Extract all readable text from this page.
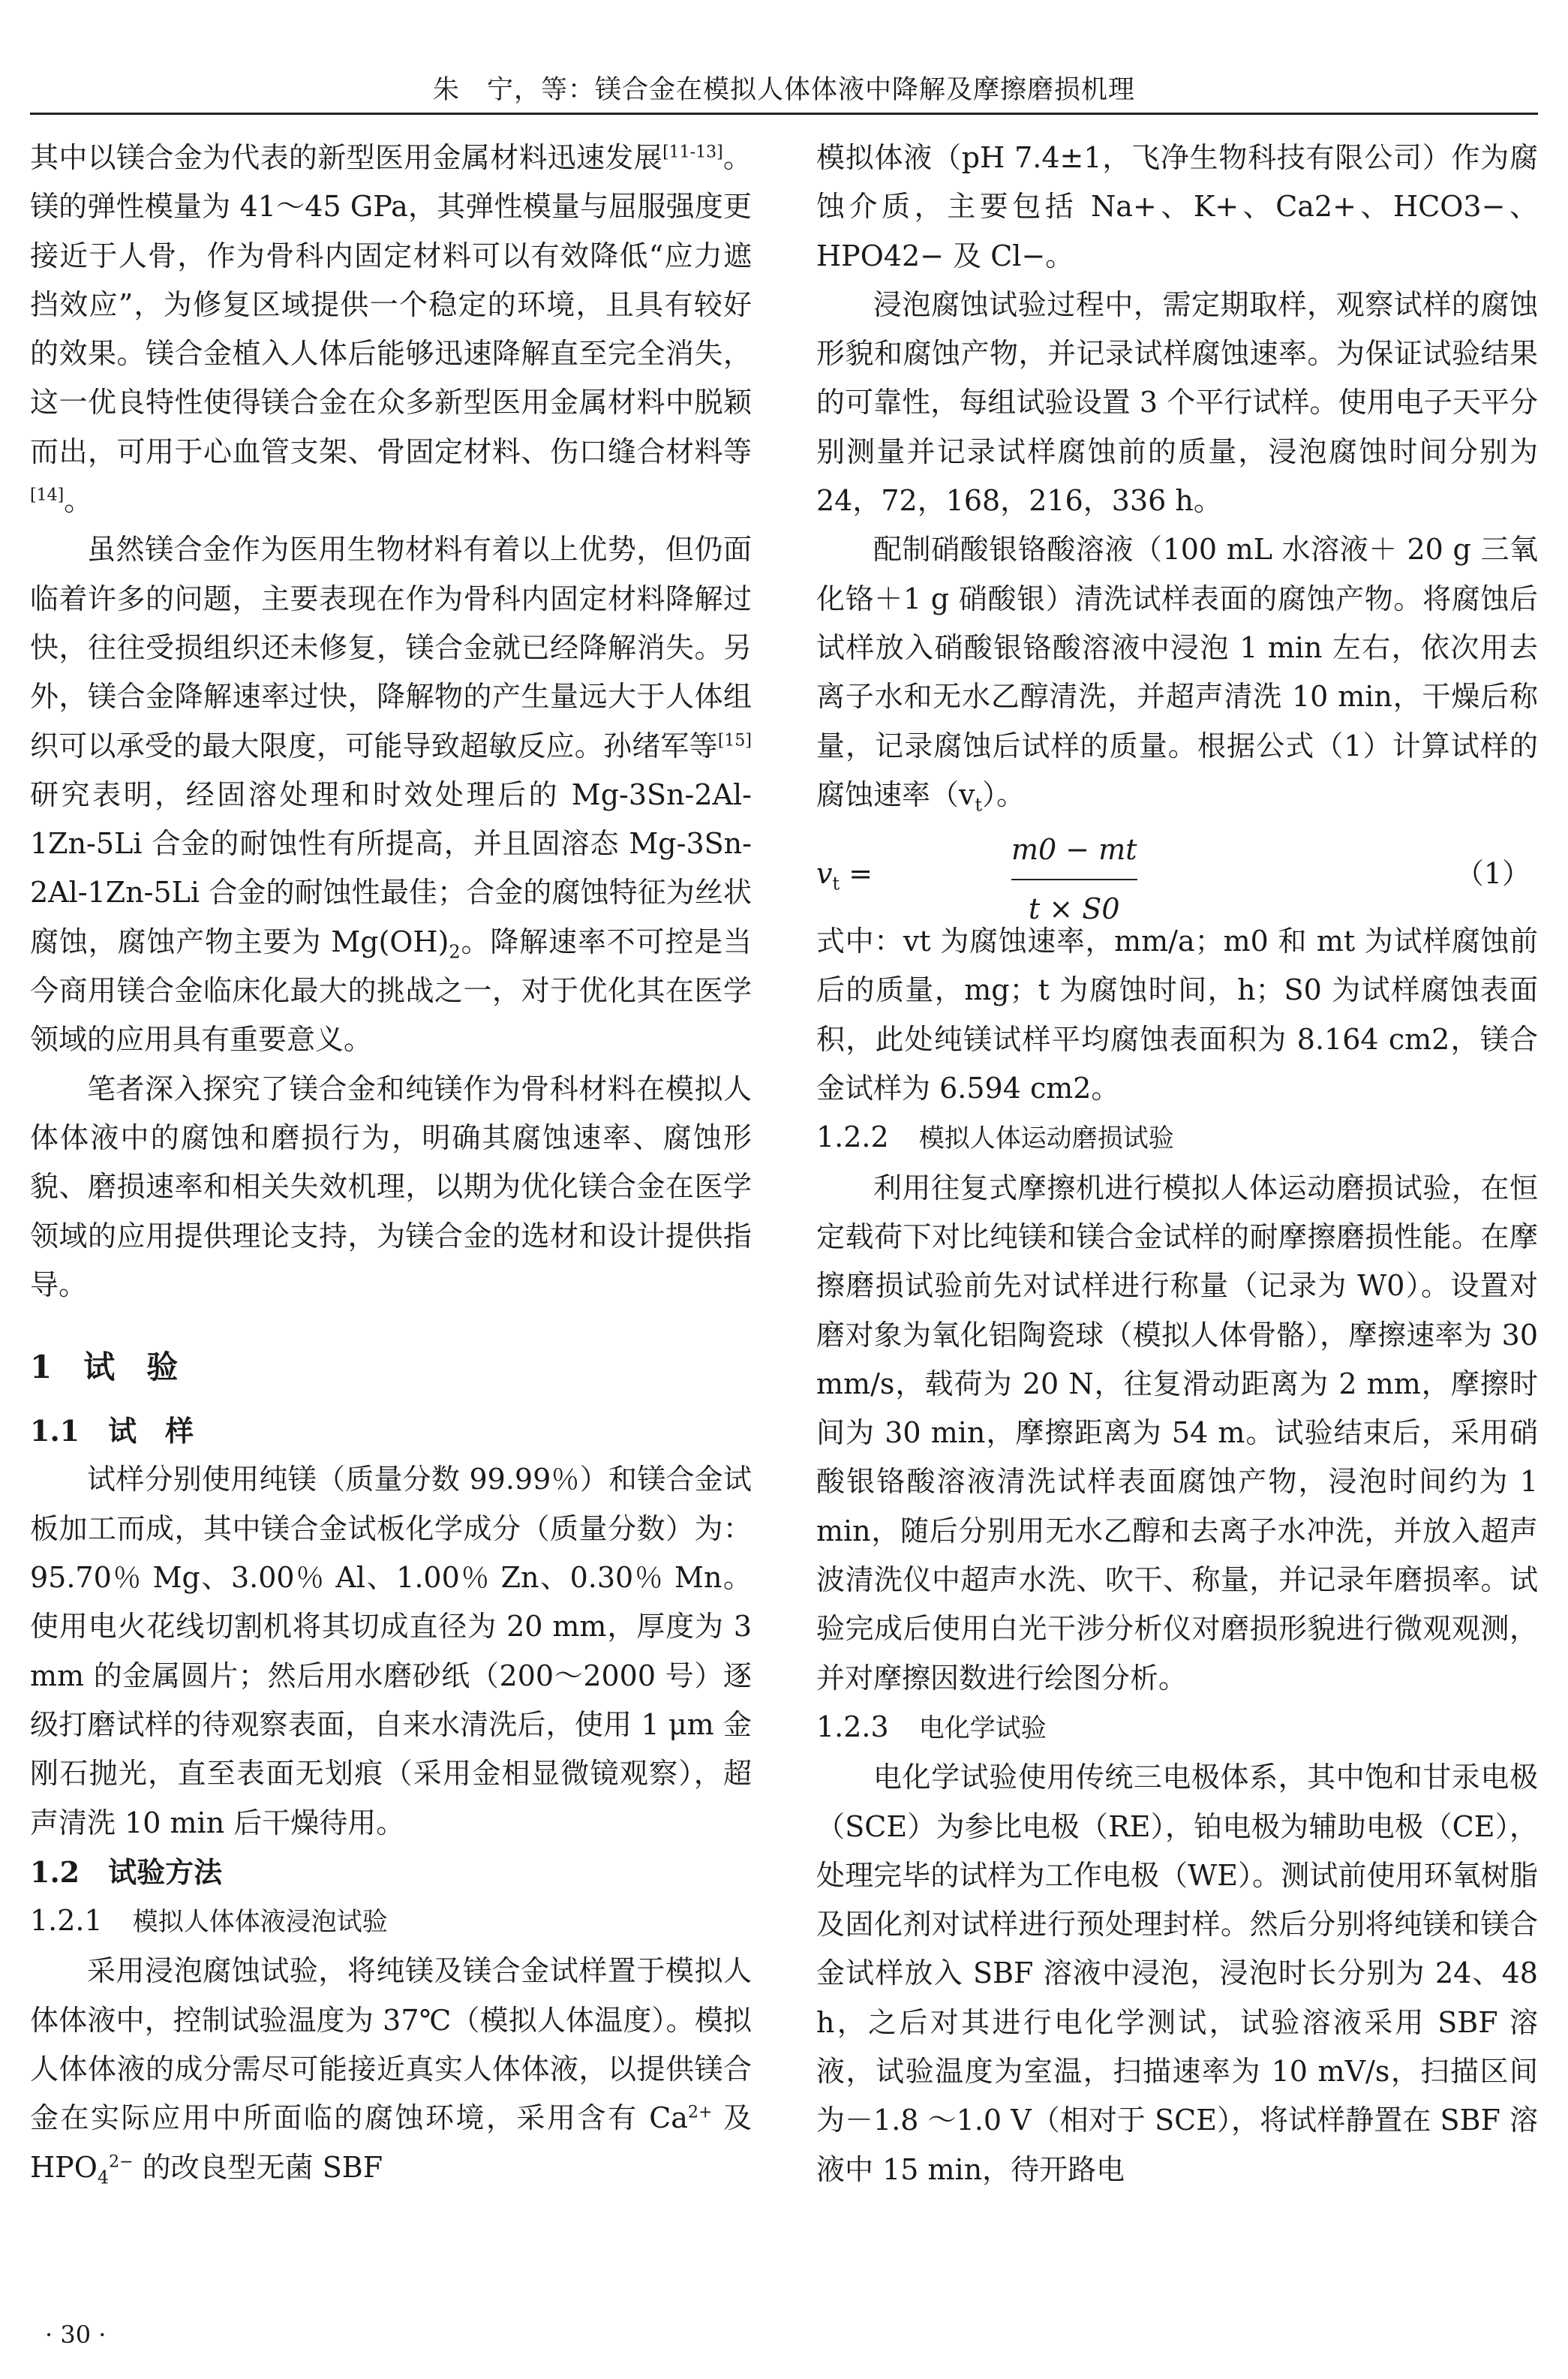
朱　宁，等：镁合金在模拟人体体液中降解及摩擦磨损机理

其中以镁合金为代表的新型医用金属材料迅速发展[11-13]。镁的弹性模量为 41～45 GPa，其弹性模量与屈服强度更接近于人骨，作为骨科内固定材料可以有效降低“应力遮挡效应”，为修复区域提供一个稳定的环境，且具有较好的效果。镁合金植入人体后能够迅速降解直至完全消失，这一优良特性使得镁合金在众多新型医用金属材料中脱颖而出，可用于心血管支架、骨固定材料、伤口缝合材料等[14]。

虽然镁合金作为医用生物材料有着以上优势，但仍面临着许多的问题，主要表现在作为骨科内固定材料降解过快，往往受损组织还未修复，镁合金就已经降解消失。另外，镁合金降解速率过快，降解物的产生量远大于人体组织可以承受的最大限度，可能导致超敏反应。孙绪军等[15]研究表明，经固溶处理和时效处理后的 Mg-3Sn-2Al-1Zn-5Li 合金的耐蚀性有所提高，并且固溶态 Mg-3Sn-2Al-1Zn-5Li 合金的耐蚀性最佳；合金的腐蚀特征为丝状腐蚀，腐蚀产物主要为 $Mg(OH)_2$。降解速率不可控是当今商用镁合金临床化最大的挑战之一，对于优化其在医学领域的应用具有重要意义。

笔者深入探究了镁合金和纯镁作为骨科材料在模拟人体体液中的腐蚀和磨损行为，明确其腐蚀速率、腐蚀形貌、磨损速率和相关失效机理，以期为优化镁合金在医学领域的应用提供理论支持，为镁合金的选材和设计提供指导。

1　试　验
1.1　试　样

试样分别使用纯镁（质量分数 99.99％）和镁合金试板加工而成，其中镁合金试板化学成分（质量分数）为：95.70％ Mg、3.00％ Al、1.00％ Zn、0.30％ Mn。使用电火花线切割机将其切成直径为 20 mm，厚度为 3 mm 的金属圆片；然后用水磨砂纸（200～2000 号）逐级打磨试样的待观察表面，自来水清洗后，使用 1 μm 金刚石抛光，直至表面无划痕（采用金相显微镜观察），超声清洗 10 min 后干燥待用。

1.2　试验方法
1.2.1 模拟人体体液浸泡试验

采用浸泡腐蚀试验，将纯镁及镁合金试样置于模拟人体体液中，控制试验温度为 37℃（模拟人体温度）。模拟人体体液的成分需尽可能接近真实人体体液，以提供镁合金在实际应用中所面临的腐蚀环境，采用含有 $Ca^{2+}$ 及 $HPO_4^{2-}$ 的改良型无菌 SBF

模拟体液（pH 7.4±1，飞净生物科技有限公司）作为腐蚀介质，主要包括 Na+、K+、Ca2+、HCO3−、HPO42− 及 Cl−。

浸泡腐蚀试验过程中，需定期取样，观察试样的腐蚀形貌和腐蚀产物，并记录试样腐蚀速率。为保证试验结果的可靠性，每组试验设置 3 个平行试样。使用电子天平分别测量并记录试样腐蚀前的质量，浸泡腐蚀时间分别为 24，72，168，216，336 h。

配制硝酸银铬酸溶液（100 mL 水溶液＋ 20 g 三氧化铬＋1 g 硝酸银）清洗试样表面的腐蚀产物。将腐蚀后试样放入硝酸银铬酸溶液中浸泡 1 min 左右，依次用去离子水和无水乙醇清洗，并超声清洗 10 min，干燥后称量，记录腐蚀后试样的质量。根据公式（1）计算试样的腐蚀速率$(v_t)$。

$v_t$ =
m0 − mt
t × S0
（1）

式中：vt 为腐蚀速率，mm/a；m0 和 mt 为试样腐蚀前后的质量，mg；t 为腐蚀时间，h；S0 为试样腐蚀表面积，此处纯镁试样平均腐蚀表面积为 8.164 cm2，镁合金试样为 6.594 cm2。

1.2.2 模拟人体运动磨损试验

利用往复式摩擦机进行模拟人体运动磨损试验，在恒定载荷下对比纯镁和镁合金试样的耐摩擦磨损性能。在摩擦磨损试验前先对试样进行称量（记录为 W0）。设置对磨对象为氧化铝陶瓷球（模拟人体骨骼），摩擦速率为 30 mm/s，载荷为 20 N，往复滑动距离为 2 mm，摩擦时间为 30 min，摩擦距离为 54 m。试验结束后，采用硝酸银铬酸溶液清洗试样表面腐蚀产物，浸泡时间约为 1 min，随后分别用无水乙醇和去离子水冲洗，并放入超声波清洗仪中超声水洗、吹干、称量，并记录年磨损率。试验完成后使用白光干涉分析仪对磨损形貌进行微观观测，并对摩擦因数进行绘图分析。

1.2.3 电化学试验

电化学试验使用传统三电极体系，其中饱和甘汞电极（SCE）为参比电极（RE），铂电极为辅助电极（CE），处理完毕的试样为工作电极（WE）。测试前使用环氧树脂及固化剂对试样进行预处理封样。然后分别将纯镁和镁合金试样放入 SBF 溶液中浸泡，浸泡时长分别为 24、48 h，之后对其进行电化学测试，试验溶液采用 SBF 溶液，试验温度为室温，扫描速率为 10 mV/s，扫描区间为－1.8 ～1.0 V（相对于 SCE），将试样静置在 SBF 溶液中 15 min，待开路电

· 30 ·
